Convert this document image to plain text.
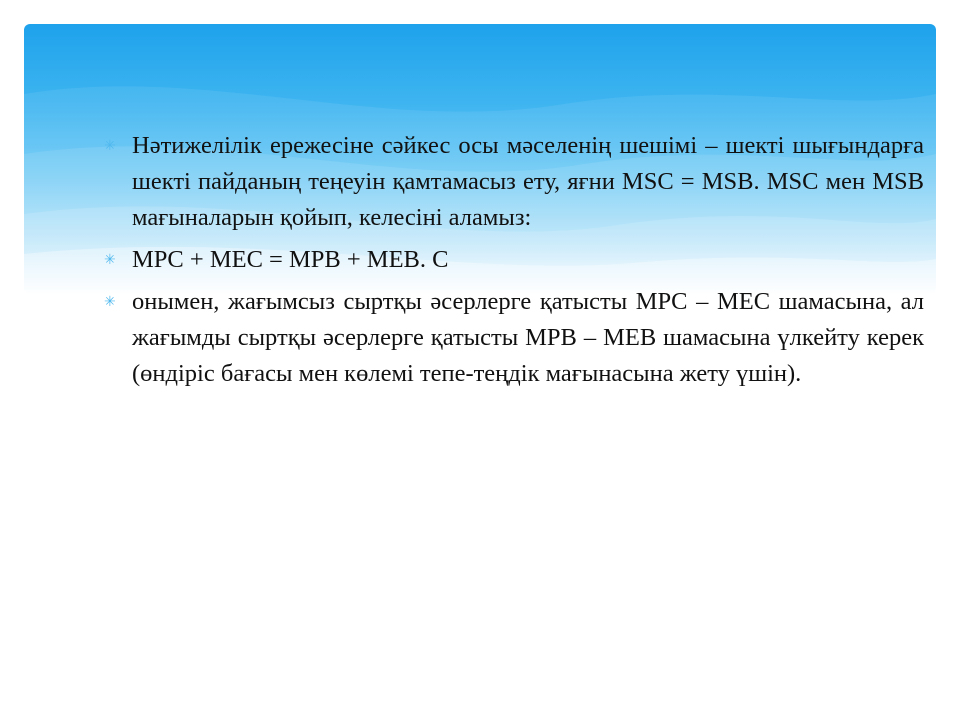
✳ Нәтижелілік ережесіне сәйкес осы мәселенің шешімі – шекті шығындарға шекті пайданың теңеуін қамтамасыз ету, яғни MSC = MSB. MSC мен MSB мағыналарын қойып, келесіні аламыз:
✳ MPC + MEC = MPB + MEB. С
✳ онымен, жағымсыз сыртқы әсерлерге қатысты MPC – MEC шамасына, ал жағымды сыртқы әсерлерге қатысты MPB – MEB шамасына үлкейту керек (өндіріс бағасы мен көлемі тепе-теңдік мағынасына жету үшін).
